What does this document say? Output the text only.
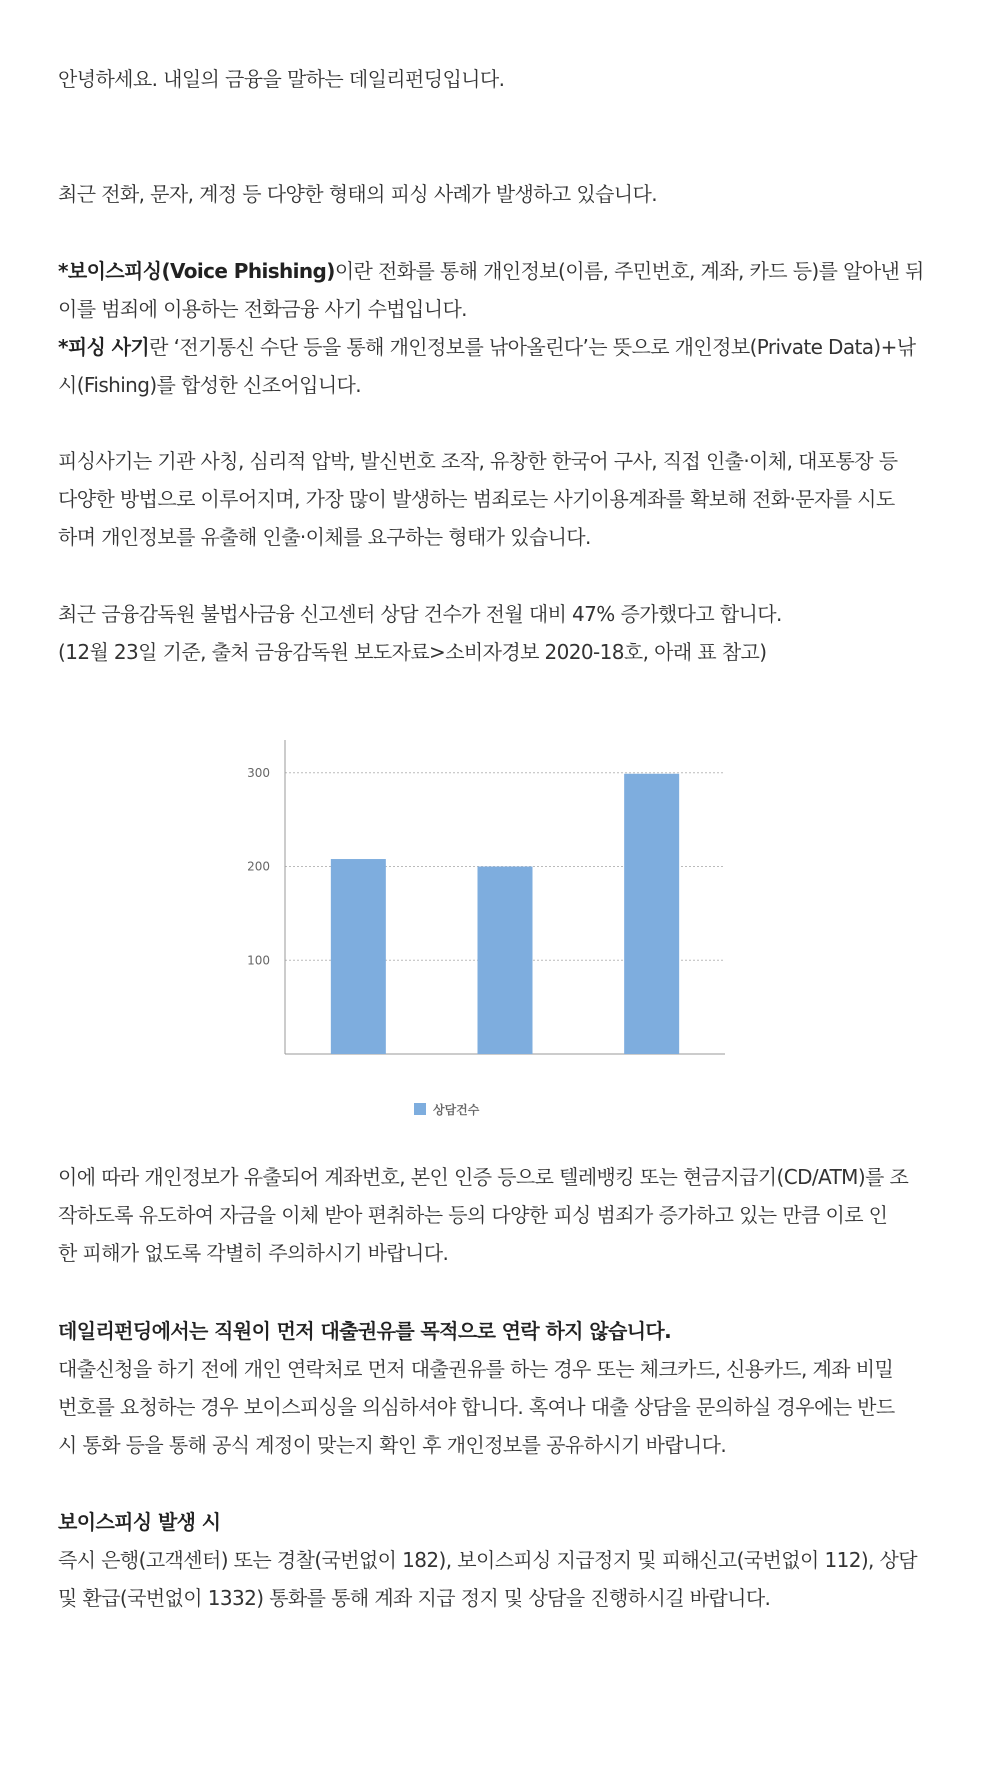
안녕하세요. 내일의 금융을 말하는 데일리펀딩입니다.

최근 전화, 문자, 계정 등 다양한 형태의 피싱 사례가 발생하고 있습니다.

*보이스피싱(Voice Phishing)이란 전화를 통해 개인정보(이름, 주민번호, 계좌, 카드 등)를 알아낸 뒤

이를 범죄에 이용하는 전화금융 사기 수법입니다.

*피싱 사기란 ‘전기통신 수단 등을 통해 개인정보를 낚아올린다’는 뜻으로 개인정보(Private Data)+낚

시(Fishing)를 합성한 신조어입니다.

피싱사기는 기관 사칭, 심리적 압박, 발신번호 조작, 유창한 한국어 구사, 직접 인출·이체, 대포통장 등

다양한 방법으로 이루어지며, 가장 많이 발생하는 범죄로는 사기이용계좌를 확보해 전화·문자를 시도

하며 개인정보를 유출해 인출·이체를 요구하는 형태가 있습니다.

최근 금융감독원 불법사금융 신고센터 상담 건수가 전월 대비 47% 증가했다고 합니다.

(12월 23일 기준, 출처 금융감독원 보도자료>소비자경보 2020-18호, 아래 표 참고)

100
200
300
상담건수

이에 따라 개인정보가 유출되어 계좌번호, 본인 인증 등으로 텔레뱅킹 또는 현금지급기(CD/ATM)를 조

작하도록 유도하여 자금을 이체 받아 편취하는 등의 다양한 피싱 범죄가 증가하고 있는 만큼 이로 인

한 피해가 없도록 각별히 주의하시기 바랍니다.

데일리펀딩에서는 직원이 먼저 대출권유를 목적으로 연락 하지 않습니다.

대출신청을 하기 전에 개인 연락처로 먼저 대출권유를 하는 경우 또는 체크카드, 신용카드, 계좌 비밀

번호를 요청하는 경우 보이스피싱을 의심하셔야 합니다. 혹여나 대출 상담을 문의하실 경우에는 반드

시 통화 등을 통해 공식 계정이 맞는지 확인 후 개인정보를 공유하시기 바랍니다.

보이스피싱 발생 시

즉시 은행(고객센터) 또는 경찰(국번없이 182), 보이스피싱 지급정지 및 피해신고(국번없이 112), 상담

및 환급(국번없이 1332) 통화를 통해 계좌 지급 정지 및 상담을 진행하시길 바랍니다.
